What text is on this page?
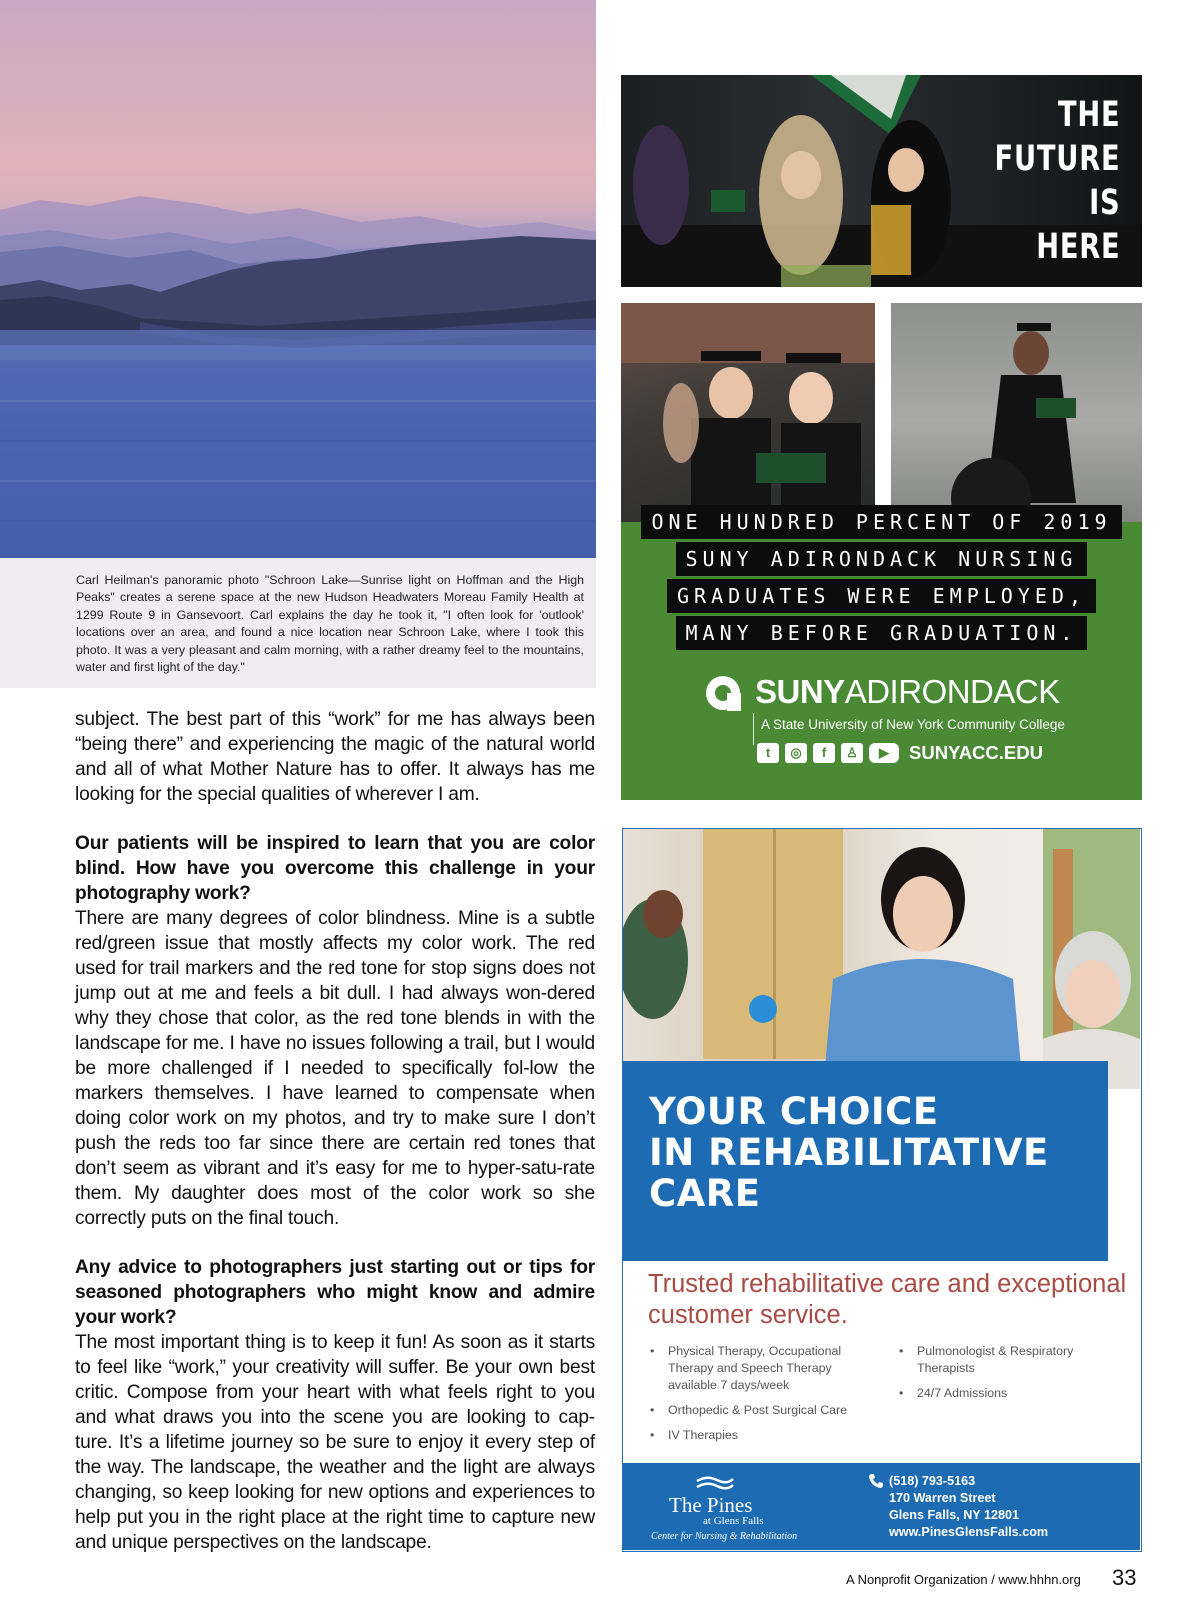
Carl Heilman's panoramic photo "Schroon Lake—Sunrise light on Hoffman and the High Peaks" creates a serene space at the new Hudson Headwaters Moreau Family Health at 1299 Route 9 in Gansevoort. Carl explains the day he took it, "I often look for 'outlook' locations over an area, and found a nice location near Schroon Lake, where I took this photo. It was a very pleasant and calm morning, with a rather dreamy feel to the mountains, water and first light of the day."

subject. The best part of this “work” for me has always been “being there” and experiencing the magic of the natural world and all of what Mother Nature has to offer. It always has me looking for the special qualities of wherever I am.

Our patients will be inspired to learn that you are color blind. How have you overcome this challenge in your photography work?

There are many degrees of color blindness. Mine is a subtle red/green issue that mostly affects my color work. The red used for trail markers and the red tone for stop signs does not jump out at me and feels a bit dull. I had always won-dered why they chose that color, as the red tone blends in with the landscape for me. I have no issues following a trail, but I would be more challenged if I needed to specifically fol-low the markers themselves. I have learned to compensate when doing color work on my photos, and try to make sure I don’t push the reds too far since there are certain red tones that don’t seem as vibrant and it’s easy for me to hyper-satu-rate them. My daughter does most of the color work so she correctly puts on the final touch.

Any advice to photographers just starting out or tips for seasoned photographers who might know and admire your work?

The most important thing is to keep it fun! As soon as it starts to feel like “work,” your creativity will suffer. Be your own best critic. Compose from your heart with what feels right to you and what draws you into the scene you are looking to cap-ture. It’s a lifetime journey so be sure to enjoy it every step of the way. The landscape, the weather and the light are always changing, so keep looking for new options and experiences to help put you in the right place at the right time to capture new and unique perspectives on the landscape.

THE
FUTURE
IS
HERE
ONE HUNDRED PERCENT OF 2019
SUNY ADIRONDACK NURSING
GRADUATES WERE EMPLOYED,
MANY BEFORE GRADUATION.
SUNYADIRONDACK
A State University of New York Community College
t	◎	f	♙	▶	SUNYACC.EDU
YOUR CHOICE
IN REHABILITATIVE
CARE
Trusted rehabilitative care and exceptional customer service.
• Physical Therapy, Occupational Therapy and Speech Therapy available 7 days/week
• Orthopedic & Post Surgical Care
• IV Therapies
• Pulmonologist & Respiratory Therapists
• 24/7 Admissions
The Pines
at Glens Falls
Center for Nursing & Rehabilitation
(518) 793-5163
170 Warren Street
Glens Falls, NY 12801
www.PinesGlensFalls.com
A Nonprofit Organization / www.hhhn.org 33
